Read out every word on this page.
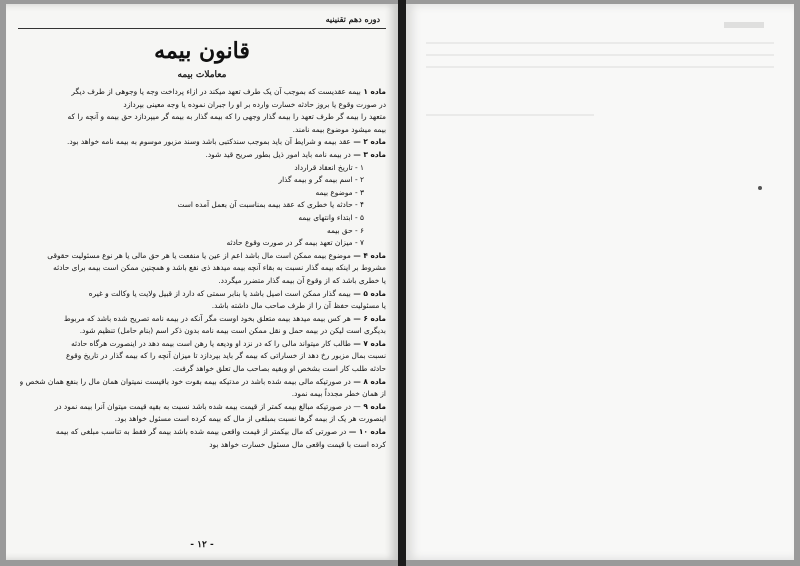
دوره دهم تقنینیه
قانون بیمه
معاملات بیمه
ماده ۱ بیمه عقدیست که بموجب آن یک طرف تعهد میکند در ازاء پرداخت وجه یا وجوهی از طرف دیگر
در صورت وقوع یا بروز حادثه خسارت وارده بر او را جبران نموده یا وجه معینی بپردازد
متعهد را بیمه گر طرف تعهد را بیمه گذار وجهی را که بیمه گذار به بیمه گر میپردازد حق بیمه و آنچه را که
بیمه میشود موضوع بیمه نامند.
ماده ۲ — عقد بیمه و شرایط آن باید بموجب سندکتبی باشد وسند مزبور موسوم به بیمه نامه خواهد بود.
ماده ۳ — در بیمه نامه باید امور ذیل بطور صریح قید شود.
۱ - تاریخ انعقاد قرارداد
۲ - اسم بیمه گر و بیمه گذار
۳ - موضوع بیمه
۴ - حادثه یا خطری که عقد بیمه بمناسبت آن بعمل آمده است
۵ - ابتداء وانتهای بیمه
۶ - حق بیمه
۷ - میزان تعهد بیمه گر در صورت وقوع حادثه
ماده ۴ — موضوع بیمه ممکن است مال باشد اعم از عین یا منفعت یا هر حق مالی یا هر نوع مسئولیت حقوقی
مشروط بر اینکه بیمه گذار نسبت به بقاء آنچه بیمه میدهد ذی نفع باشد و همچنین ممکن است بیمه برای حادثه
یا خطری باشد که از وقوع آن بیمه گذار متضرر میگردد.
ماده ۵ — بیمه گذار ممکن است اصیل باشد یا بنابر سمتی که دارد از قبیل ولایت یا وکالت و غیره
یا مسئولیت حفظ آن را از طرف صاحب مال داشته باشد.
ماده ۶ — هر کس بیمه میدهد بیمه متعلق بخود اوست مگر آنکه در بیمه نامه تصریح شده باشد که مربوط
بدیگری است لیکن در بیمه حمل و نقل ممکن است بیمه نامه بدون ذکر اسم (بنام حامل) تنظیم شود.
ماده ۷ — طالب کار میتواند مالی را که در نزد او ودیعه یا رهن است بیمه دهد در اینصورت هرگاه حادثه
نسبت بمال مزبور رخ دهد از خساراتی که بیمه گر باید بپردازد تا میزان آنچه را که بیمه گذار در تاریخ وقوع
حادثه طلب کار است بشخص او وبقیه بصاحب مال تعلق خواهد گرفت.
ماده ۸ — در صورتیکه مالی بیمه شده باشد در مدتیکه بیمه بقوت خود باقیست نمیتوان همان مال را بنفع همان شخص و
از همان خطر مجدداً بیمه نمود.
ماده ۹ — در صورتیکه مبالغ بیمه کمتر از قیمت بیمه شده باشد نسبت به بقیه قیمت میتوان آنرا بیمه نمود در
اینصورت هر یک از بیمه گرها نسبت بمبلغی از مال که بیمه کرده است مسئول خواهد بود.
ماده ۱۰ — در صورتی که مال بیکمتر از قیمت واقعی بیمه شده باشد بیمه گر فقط به تناسب مبلغی که بیمه
کرده است با قیمت واقعی مال مسئول خسارت خواهد بود
- ۱۲ -
